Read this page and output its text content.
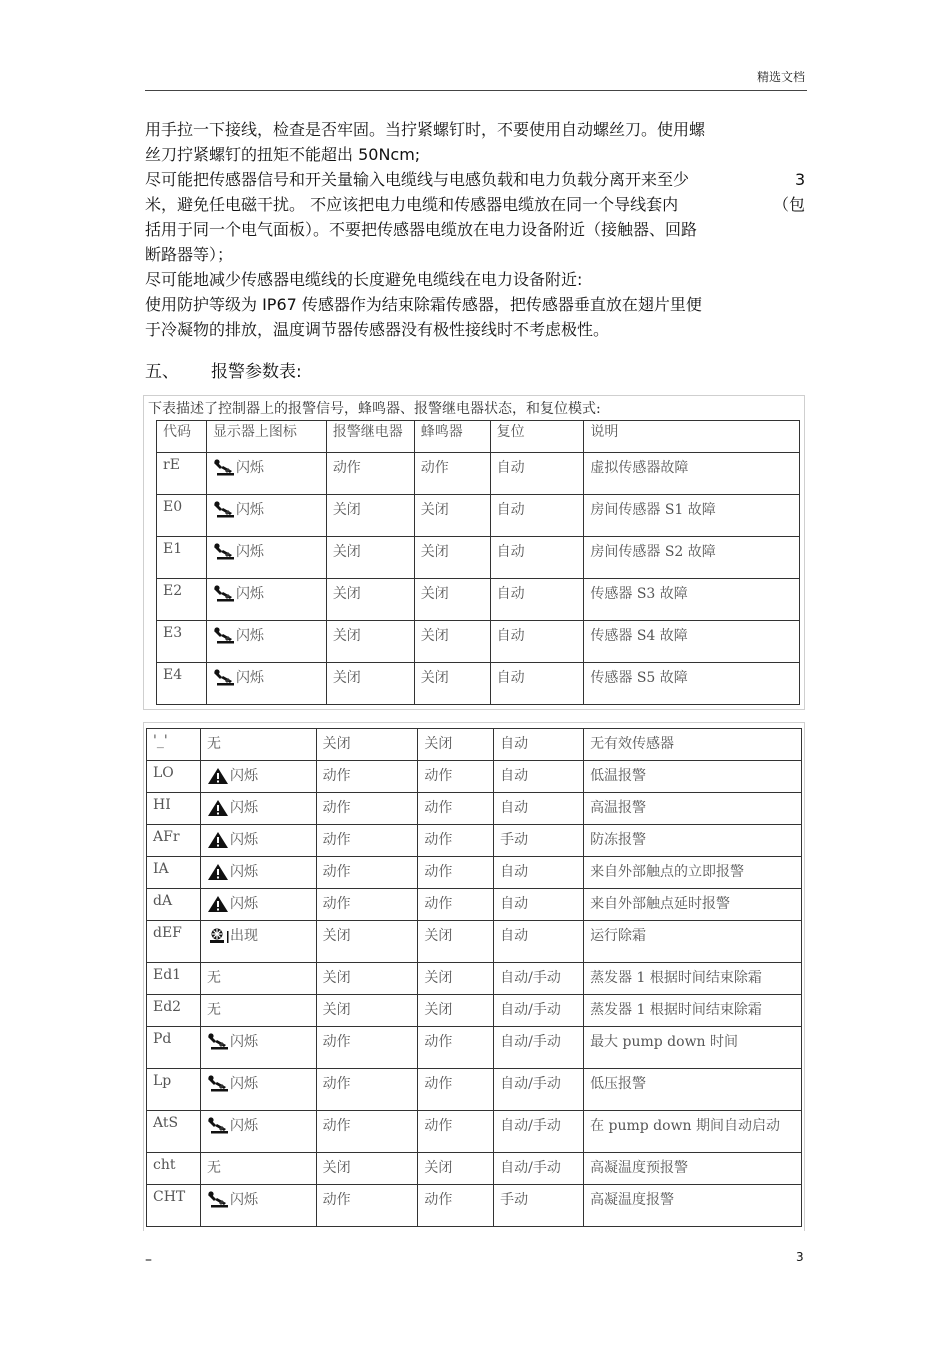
精选文档
用手拉一下接线，检查是否牢固。当拧紧螺钉时，不要使用自动螺丝刀。使用螺
丝刀拧紧螺钉的扭矩不能超出 50Ncm;
尽可能把传感器信号和开关量输入电缆线与电感负载和电力负载分离开来至少	3
米，避免任电磁干扰。 不应该把电力电缆和传感器电缆放在同一个导线套内	（包
括用于同一个电气面板）。不要把传感器电缆放在电力设备附近（接触器、回路
断路器等）；
尽可能地减少传感器电缆线的长度避免电缆线在电力设备附近:
使用防护等级为 IP67 传感器作为结束除霜传感器，把传感器垂直放在翅片里便
于冷凝物的排放，温度调节器传感器没有极性接线时不考虑极性。
五、 报警参数表:
下表描述了控制器上的报警信号，蜂鸣器、报警继电器状态，和复位模式:
代码	显示器上图标	报警继电器	蜂鸣器	复位	说明

rE	闪烁	动作	动作	自动	虚拟传感器故障

E0	闪烁	关闭	关闭	自动	房间传感器 S1 故障

E1	闪烁	关闭	关闭	自动	房间传感器 S2 故障

E2	闪烁	关闭	关闭	自动	传感器 S3 故障

E3	闪烁	关闭	关闭	自动	传感器 S4 故障

E4	闪烁	关闭	关闭	自动	传感器 S5 故障
'_'	无	关闭	关闭	自动	无有效传感器

LO	闪烁	动作	动作	自动	低温报警

HI	闪烁	动作	动作	自动	高温报警

AFr	闪烁	动作	动作	手动	防冻报警

IA	闪烁	动作	动作	自动	来自外部触点的立即报警

dA	闪烁	动作	动作	自动	来自外部触点延时报警

dEF	出现	关闭	关闭	自动	运行除霜

Ed1	无	关闭	关闭	自动/手动	蒸发器 1 根据时间结束除霜

Ed2	无	关闭	关闭	自动/手动	蒸发器 1 根据时间结束除霜

Pd	闪烁	动作	动作	自动/手动	最大 pump down 时间

Lp	闪烁	动作	动作	自动/手动	低压报警

AtS	闪烁	动作	动作	自动/手动	在 pump down 期间自动启动

cht	无	关闭	关闭	自动/手动	高凝温度预报警

CHT	闪烁	动作	动作	手动	高凝温度报警
–	3
